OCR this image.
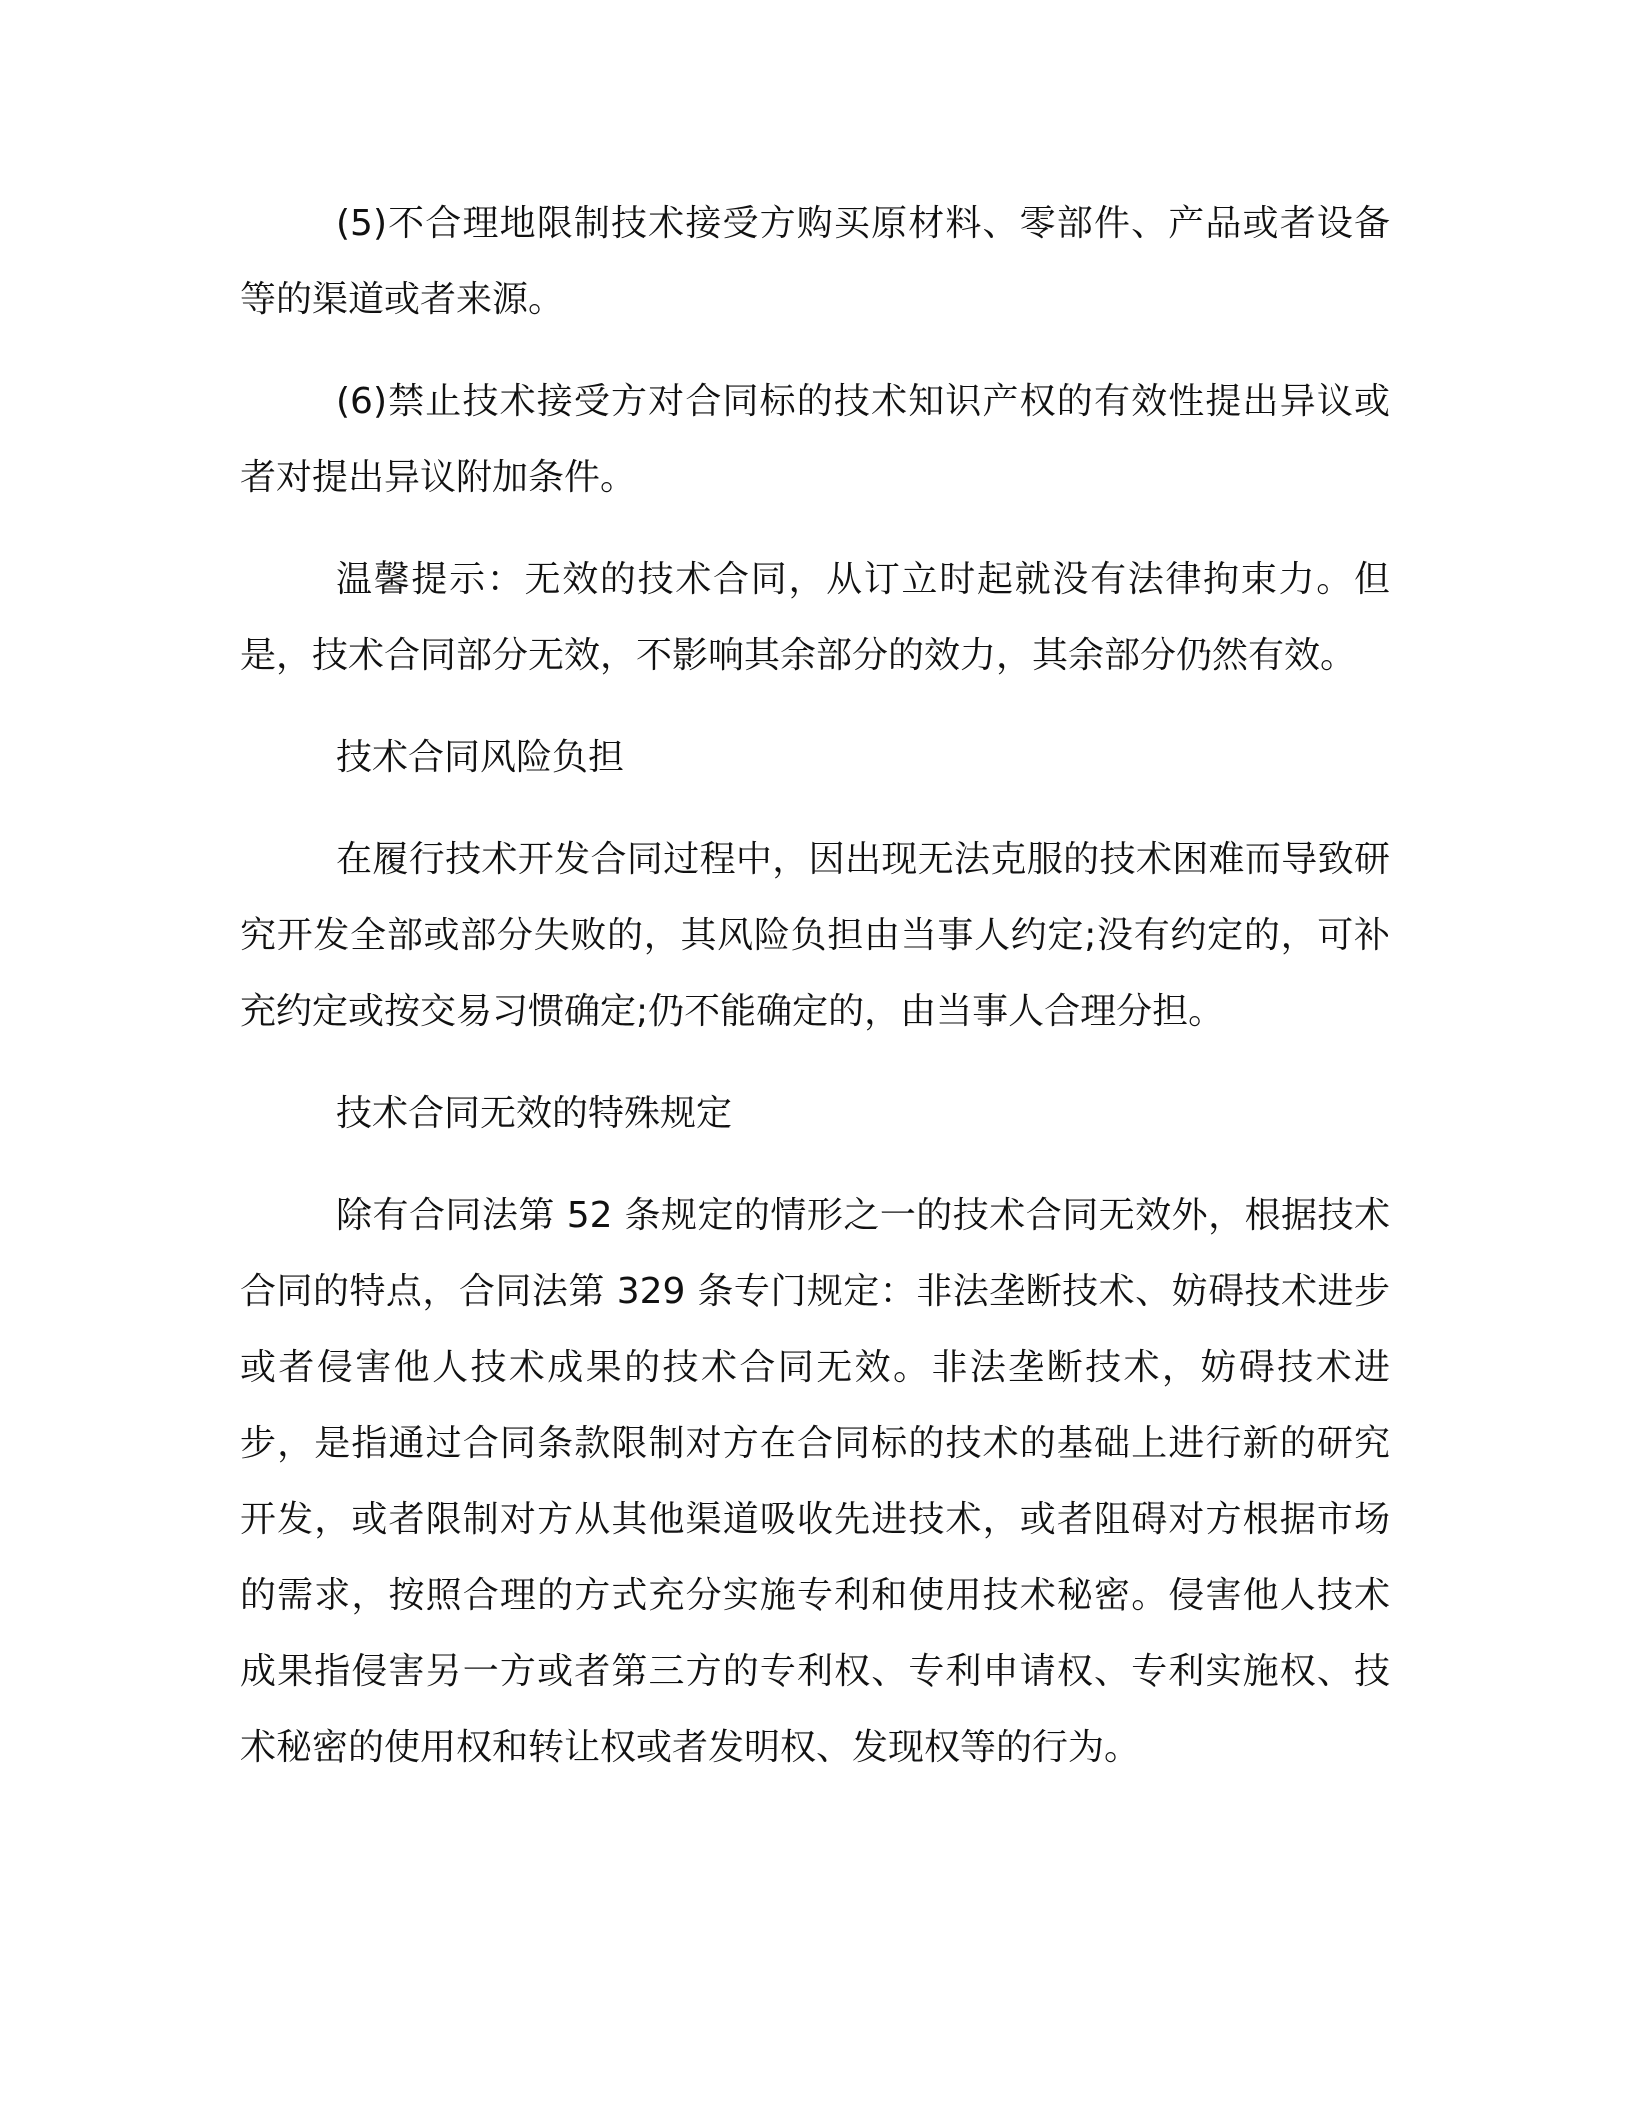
(5)不合理地限制技术接受方购买原材料、零部件、产品或者设备等的渠道或者来源。

(6)禁止技术接受方对合同标的技术知识产权的有效性提出异议或者对提出异议附加条件。

温馨提示：无效的技术合同，从订立时起就没有法律拘束力。但是，技术合同部分无效，不影响其余部分的效力，其余部分仍然有效。

技术合同风险负担

在履行技术开发合同过程中，因出现无法克服的技术困难而导致研究开发全部或部分失败的，其风险负担由当事人约定;没有约定的，可补充约定或按交易习惯确定;仍不能确定的，由当事人合理分担。

技术合同无效的特殊规定

除有合同法第 52 条规定的情形之一的技术合同无效外，根据技术合同的特点，合同法第 329 条专门规定：非法垄断技术、妨碍技术进步或者侵害他人技术成果的技术合同无效。非法垄断技术，妨碍技术进步，是指通过合同条款限制对方在合同标的技术的基础上进行新的研究开发，或者限制对方从其他渠道吸收先进技术，或者阻碍对方根据市场的需求，按照合理的方式充分实施专利和使用技术秘密。侵害他人技术成果指侵害另一方或者第三方的专利权、专利申请权、专利实施权、技术秘密的使用权和转让权或者发明权、发现权等的行为。
